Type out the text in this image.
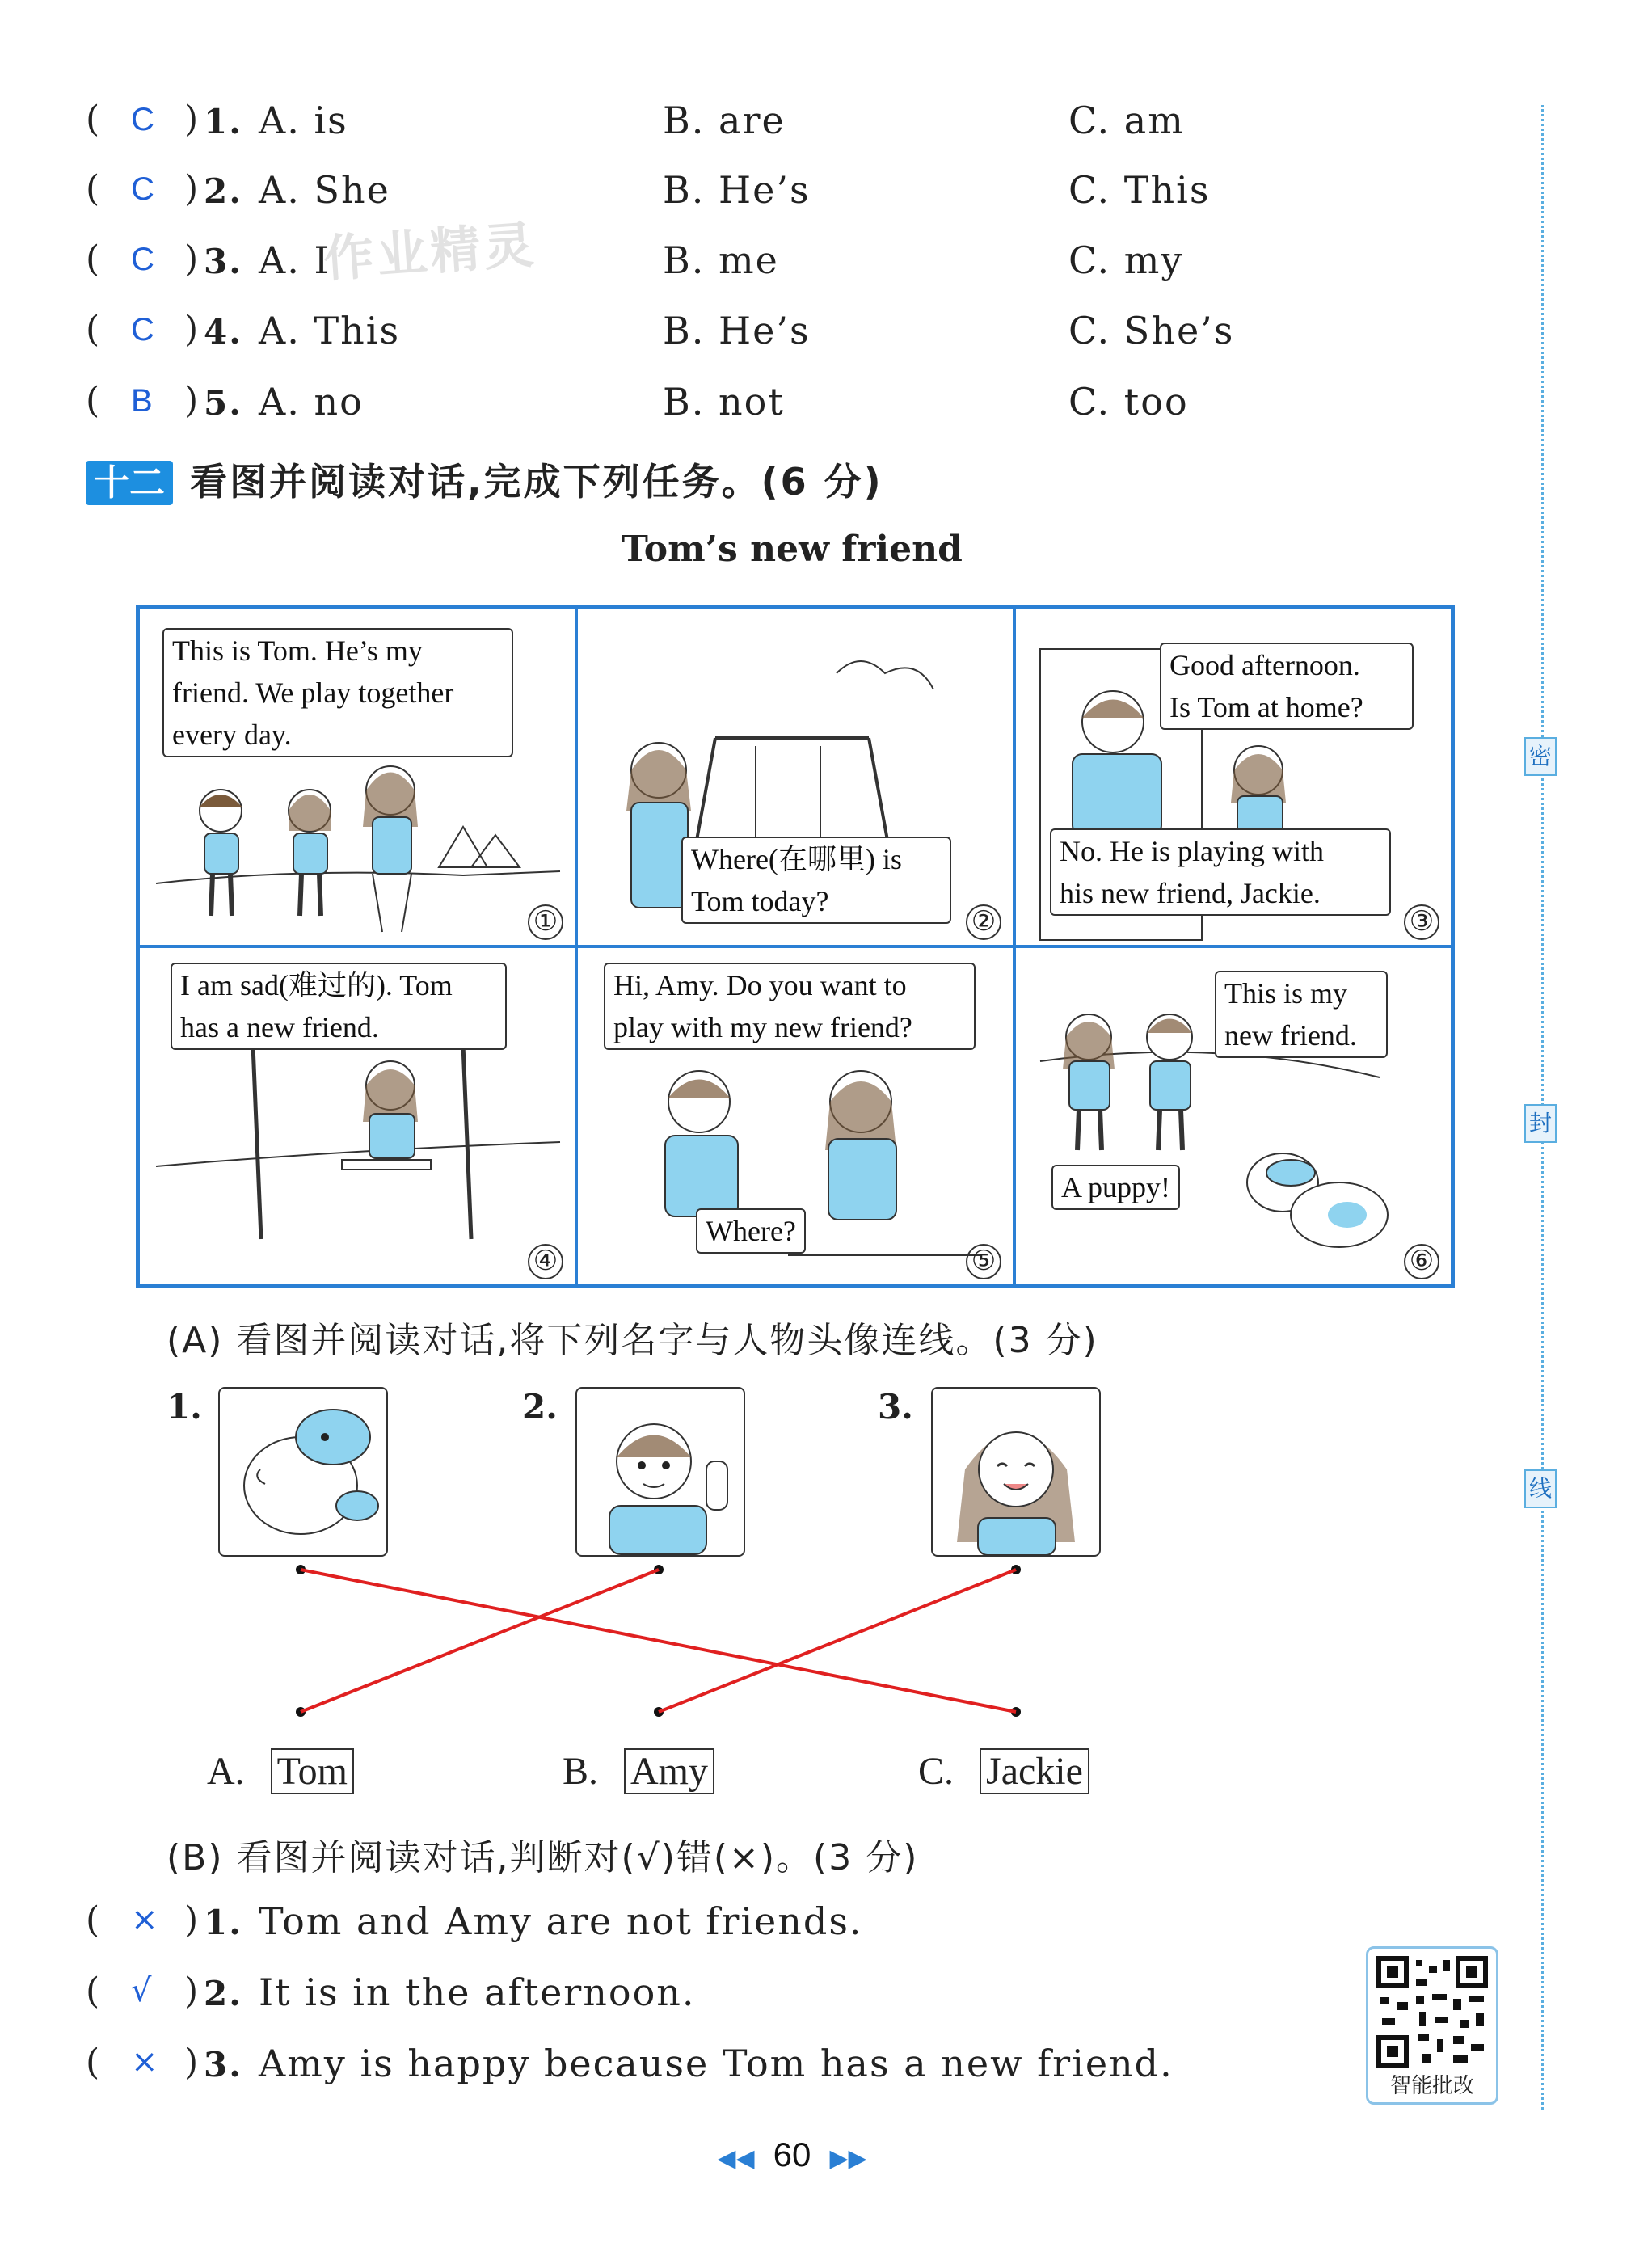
( C ) 1. A. is	B. are	C. am
( C ) 2. A. She	B. He’s	C. This
( C ) 3. A. I	B. me	C. my
( C ) 4. A. This	B. He’s	C. She’s
( B ) 5. A. no	B. not	C. too
作业精灵
十二 看图并阅读对话,完成下列任务。(6 分)
Tom’s new friend
This is Tom. He’s my
friend. We play together
every day.
①
Where(在哪里) is
Tom today?
②
Good afternoon.
Is Tom at home?
No. He is playing with
his new friend, Jackie.
③
I am sad(难过的). Tom
has a new friend.
④
Hi, Amy. Do you want to
play with my new friend?
Where?
⑤
This is my
new friend.
A puppy!
⑥
(A) 看图并阅读对话,将下列名字与人物头像连线。(3 分)
1.	2.	3.
A. Tom	B. Amy	C. Jackie
(B) 看图并阅读对话,判断对(√)错(×)。(3 分)
( × ) 1. Tom and Amy are not friends.
( √ ) 2. It is in the afternoon.
( × ) 3. Amy is happy because Tom has a new friend.
密
封
线
智能批改
◀◀ 60 ▶▶
